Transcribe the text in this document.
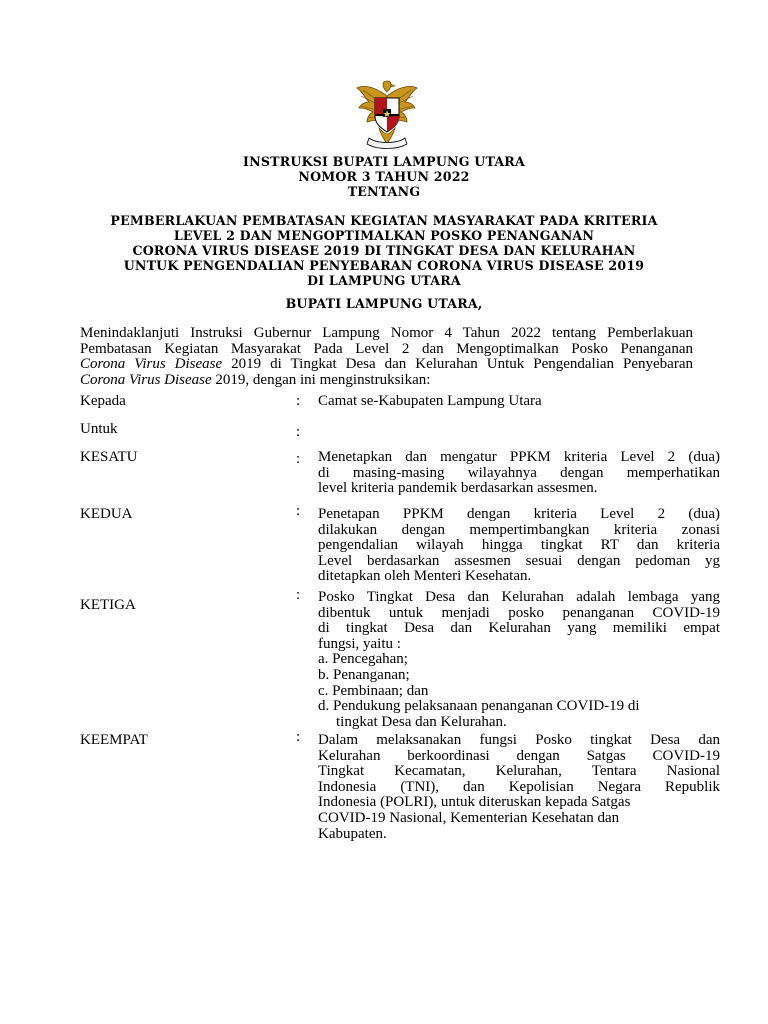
INSTRUKSI BUPATI LAMPUNG UTARA
NOMOR 3 TAHUN 2022
TENTANG
PEMBERLAKUAN PEMBATASAN KEGIATAN MASYARAKAT PADA KRITERIA
LEVEL 2 DAN MENGOPTIMALKAN POSKO PENANGANAN
CORONA VIRUS DISEASE 2019 DI TINGKAT DESA DAN KELURAHAN
UNTUK PENGENDALIAN PENYEBARAN CORONA VIRUS DISEASE 2019
DI LAMPUNG UTARA
BUPATI LAMPUNG UTARA,
Menindaklanjuti Instruksi Gubernur Lampung Nomor 4 Tahun 2022 tentang Pemberlakuan
Pembatasan Kegiatan Masyarakat Pada Level 2 dan Mengoptimalkan Posko Penanganan
Corona Virus Disease 2019 di Tingkat Desa dan Kelurahan Untuk Pengendalian Penyebaran
Corona Virus Disease 2019, dengan ini menginstruksikan:
Kepada	: Camat se-Kabupaten Lampung Utara
Untuk	:
KESATU	: Menetapkan dan mengatur PPKM kriteria Level 2 (dua)
di masing-masing wilayahnya dengan memperhatikan
level kriteria pandemik berdasarkan assesmen.
KEDUA	: Penetapan PPKM dengan kriteria Level 2 (dua)
dilakukan dengan mempertimbangkan kriteria zonasi
pengendalian wilayah hingga tingkat RT dan kriteria
Level berdasarkan assesmen sesuai dengan pedoman yg
ditetapkan oleh Menteri Kesehatan.
KETIGA
: Posko Tingkat Desa dan Kelurahan adalah lembaga yang
dibentuk untuk menjadi posko penanganan COVID-19
di tingkat Desa dan Kelurahan yang memiliki empat
fungsi, yaitu :
a. Pencegahan;
b. Penanganan;
c. Pembinaan; dan
d. Pendukung pelaksanaan penanganan COVID-19 di
tingkat Desa dan Kelurahan.
KEEMPAT	: Dalam melaksanakan fungsi Posko tingkat Desa dan
Kelurahan berkoordinasi dengan Satgas COVID-19
Tingkat Kecamatan, Kelurahan, Tentara Nasional
Indonesia (TNI), dan Kepolisian Negara Republik
Indonesia (POLRI), untuk diteruskan kepada Satgas
COVID-19 Nasional, Kementerian Kesehatan dan
Kabupaten.
